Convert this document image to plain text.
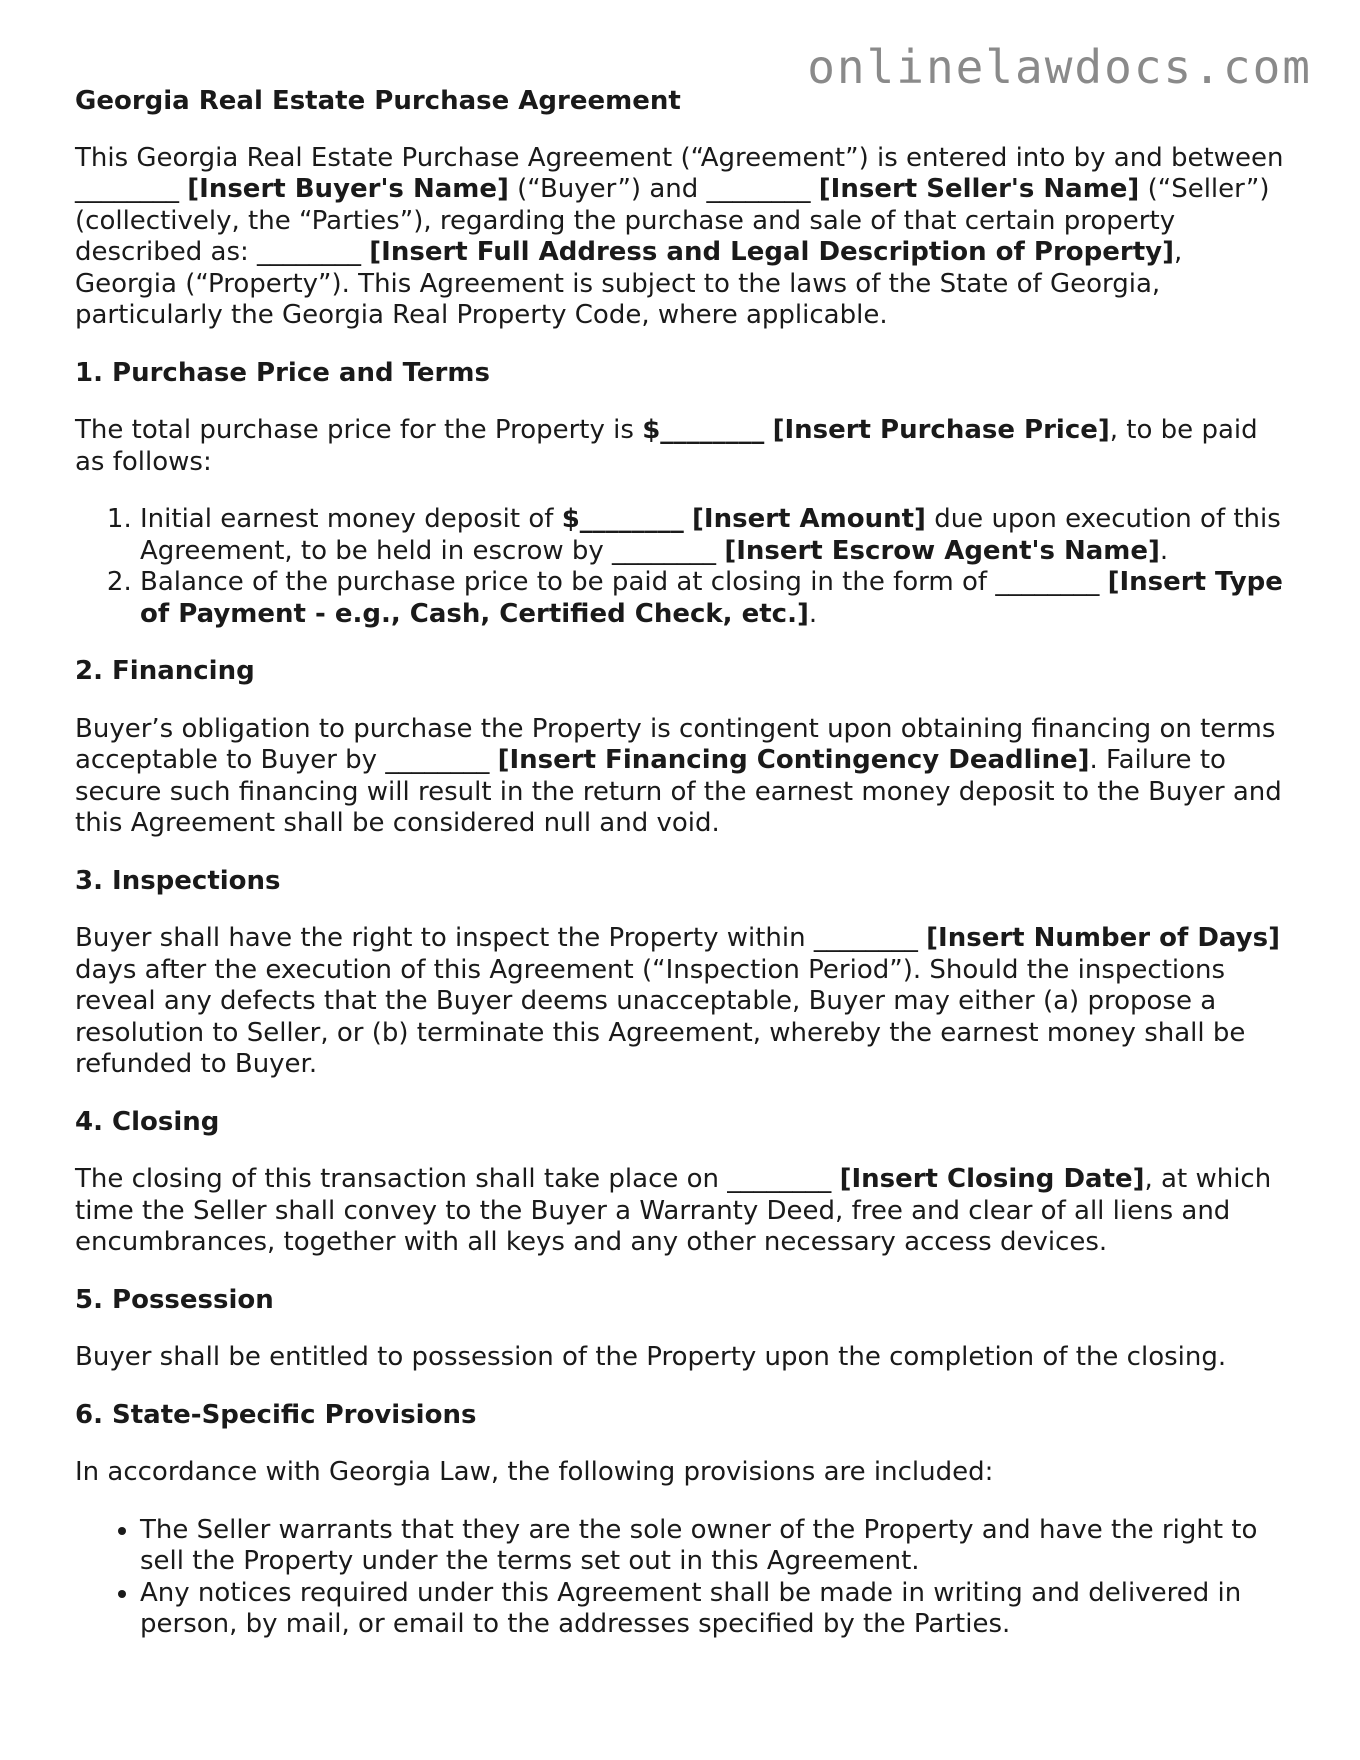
onlinelawdocs.com
Georgia Real Estate Purchase Agreement

This Georgia Real Estate Purchase Agreement (“Agreement”) is entered into by and between ________ [Insert Buyer's Name] (“Buyer”) and ________ [Insert Seller's Name] (“Seller”) (collectively, the “Parties”), regarding the purchase and sale of that certain property described as: ________ [Insert Full Address and Legal Description of Property], Georgia (“Property”). This Agreement is subject to the laws of the State of Georgia, particularly the Georgia Real Property Code, where applicable.

1. Purchase Price and Terms

The total purchase price for the Property is $________ [Insert Purchase Price], to be paid as follows:

1. Initial earnest money deposit of $________ [Insert Amount] due upon execution of this Agreement, to be held in escrow by ________ [Insert Escrow Agent's Name].
2. Balance of the purchase price to be paid at closing in the form of ________ [Insert Type of Payment - e.g., Cash, Certified Check, etc.].
2. Financing

Buyer’s obligation to purchase the Property is contingent upon obtaining financing on terms acceptable to Buyer by ________ [Insert Financing Contingency Deadline]. Failure to secure such financing will result in the return of the earnest money deposit to the Buyer and this Agreement shall be considered null and void.

3. Inspections

Buyer shall have the right to inspect the Property within ________ [Insert Number of Days] days after the execution of this Agreement (“Inspection Period”). Should the inspections reveal any defects that the Buyer deems unacceptable, Buyer may either (a) propose a resolution to Seller, or (b) terminate this Agreement, whereby the earnest money shall be refunded to Buyer.

4. Closing

The closing of this transaction shall take place on ________ [Insert Closing Date], at which time the Seller shall convey to the Buyer a Warranty Deed, free and clear of all liens and encumbrances, together with all keys and any other necessary access devices.

5. Possession

Buyer shall be entitled to possession of the Property upon the completion of the closing.

6. State-Specific Provisions

In accordance with Georgia Law, the following provisions are included:

• The Seller warrants that they are the sole owner of the Property and have the right to sell the Property under the terms set out in this Agreement.
• Any notices required under this Agreement shall be made in writing and delivered in person, by mail, or email to the addresses specified by the Parties.
